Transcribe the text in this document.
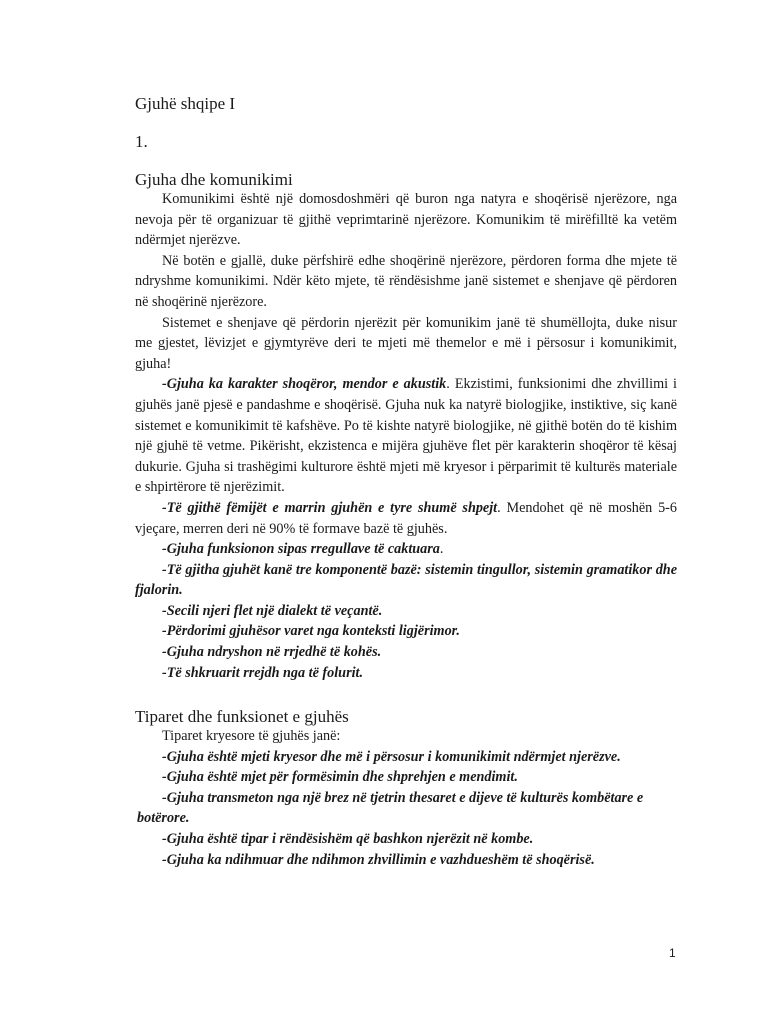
Gjuhë shqipe I
1.
Gjuha dhe komunikimi

Komunikimi është një domosdoshmëri që buron nga natyra e shoqërisë njerëzore, nga nevoja për të organizuar të gjithë veprimtarinë njerëzore. Komunikim të mirëfilltë ka vetëm ndërmjet njerëzve.

Në botën e gjallë, duke përfshirë edhe shoqërinë njerëzore, përdoren forma dhe mjete të ndryshme komunikimi. Ndër këto mjete, të rëndësishme janë sistemet e shenjave që përdoren në shoqërinë njerëzore.

Sistemet e shenjave që përdorin njerëzit për komunikim janë të shumëllojta, duke nisur me gjestet, lëvizjet e gjymtyrëve deri te mjeti më themelor e më i përsosur i komunikimit, gjuha!

-Gjuha ka karakter shoqëror, mendor e akustik. Ekzistimi, funksionimi dhe zhvillimi i gjuhës janë pjesë e pandashme e shoqërisë. Gjuha nuk ka natyrë biologjike, instiktive, siç kanë sistemet e komunikimit të kafshëve. Po të kishte natyrë biologjike, në gjithë botën do të kishim një gjuhë të vetme. Pikërisht, ekzistenca e mijëra gjuhëve flet për karakterin shoqëror të kësaj dukurie. Gjuha si trashëgimi kulturore është mjeti më kryesor i përparimit të kulturës materiale e shpirtërore të njerëzimit.

-Të gjithë fëmijët e marrin gjuhën e tyre shumë shpejt. Mendohet që në moshën 5-6 vjeçare, merren deri në 90% të formave bazë të gjuhës.

-Gjuha funksionon sipas rregullave të caktuara.

-Të gjitha gjuhët kanë tre komponentë bazë: sistemin tingullor, sistemin gramatikor dhe fjalorin.

-Secili njeri flet një dialekt të veçantë.

-Përdorimi gjuhësor varet nga konteksti ligjërimor.

-Gjuha ndryshon në rrjedhë të kohës.

-Të shkruarit rrejdh nga të folurit.

Tiparet dhe funksionet e gjuhës

Tiparet kryesore të gjuhës janë:

-Gjuha është mjeti kryesor dhe më i përsosur i komunikimit ndërmjet njerëzve.

-Gjuha është mjet për formësimin dhe shprehjen e mendimit.

-Gjuha transmeton nga një brez në tjetrin thesaret e dijeve të kulturës kombëtare e

botërore.

-Gjuha është tipar i rëndësishëm që bashkon njerëzit në kombe.

-Gjuha ka ndihmuar dhe ndihmon zhvillimin e vazhdueshëm të shoqërisë.

1
